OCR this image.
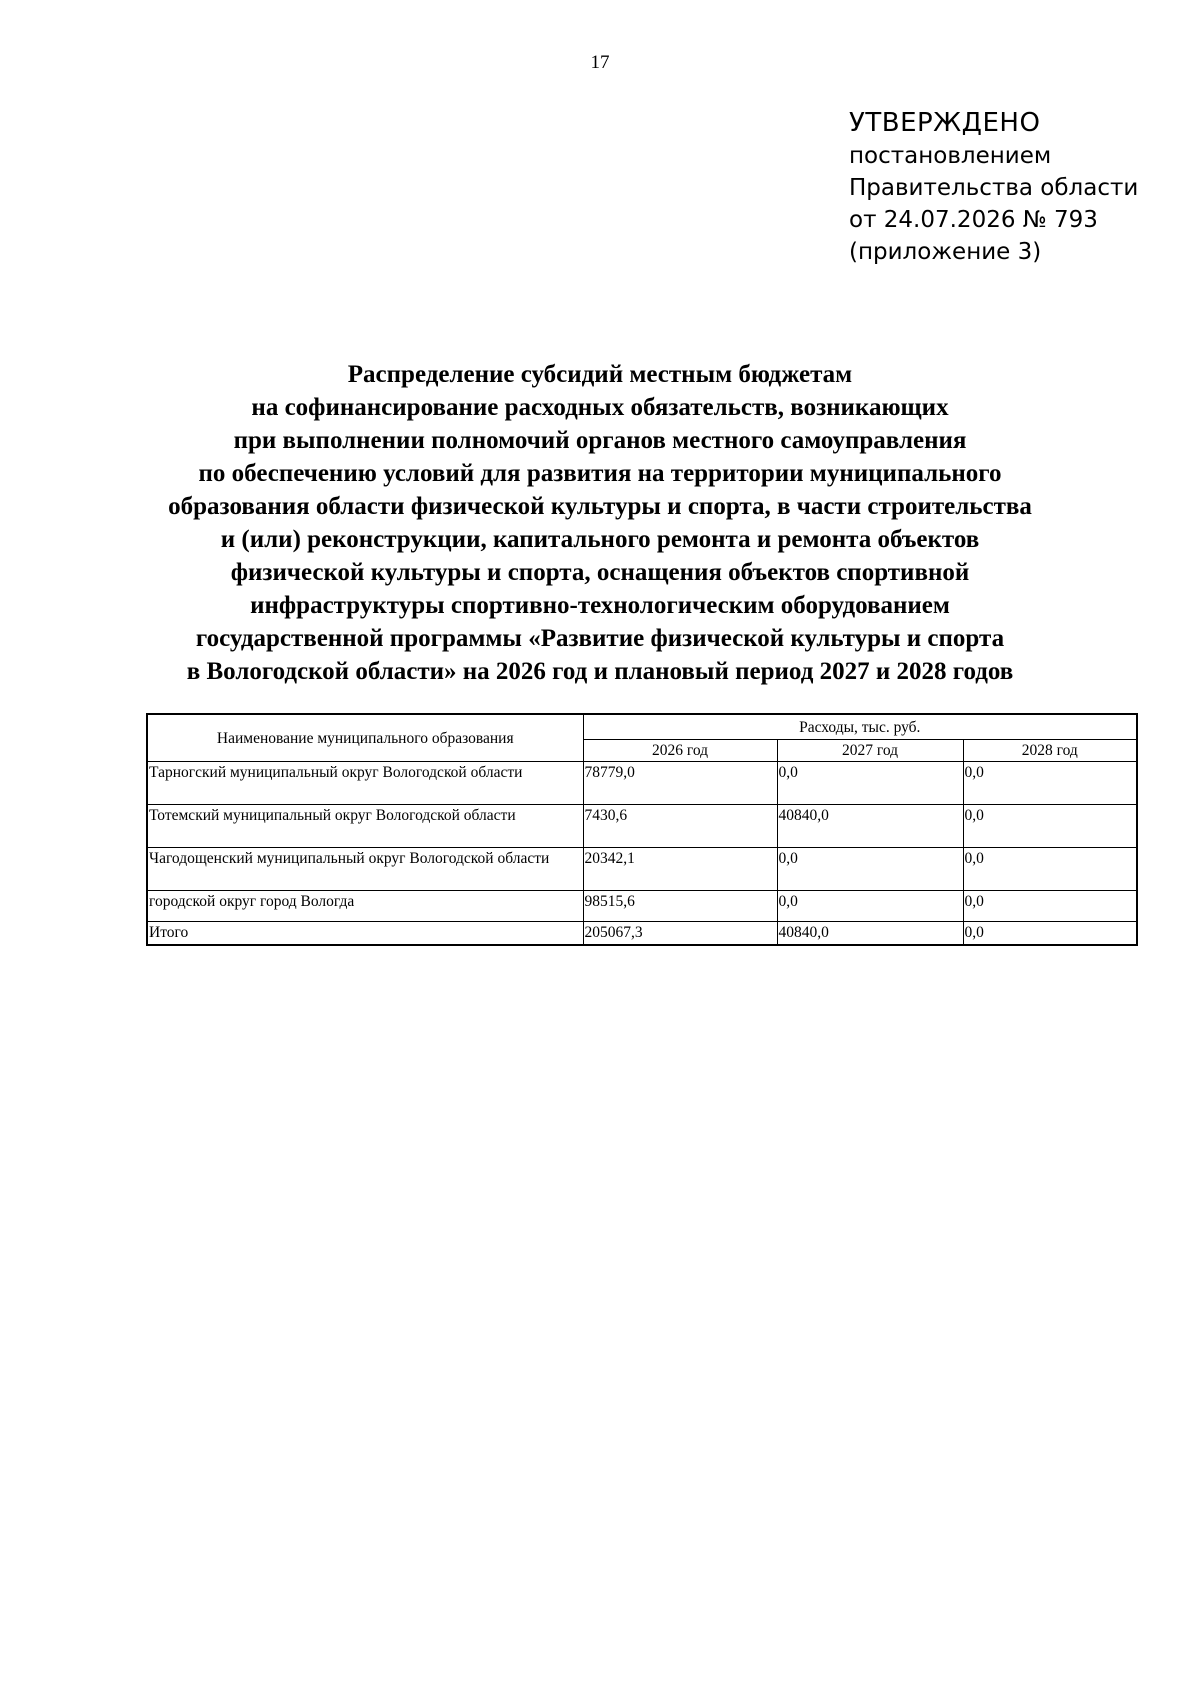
17
УТВЕРЖДЕНО
постановлением
Правительства области
от 24.07.2026 № 793
(приложение 3)
Распределение субсидий местным бюджетам
на софинансирование расходных обязательств, возникающих
при выполнении полномочий органов местного самоуправления
по обеспечению условий для развития на территории муниципального
образования области физической культуры и спорта, в части строительства
и (или) реконструкции, капитального ремонта и ремонта объектов
физической культуры и спорта, оснащения объектов спортивной
инфраструктуры спортивно-технологическим оборудованием
государственной программы «Развитие физической культуры и спорта
в Вологодской области» на 2026 год и плановый период 2027 и 2028 годов
Наименование муниципального образования	Расходы, тыс. руб.		
	2026 год	2027 год	2028 год
Тарногский муниципальный округ Вологодской области	78779,0	0,0	0,0
Тотемский муниципальный округ Вологодской области	7430,6	40840,0	0,0
Чагодощенский муниципальный округ Вологодской области	20342,1	0,0	0,0
городской округ город Вологда	98515,6	0,0	0,0
Итого	205067,3	40840,0	0,0
